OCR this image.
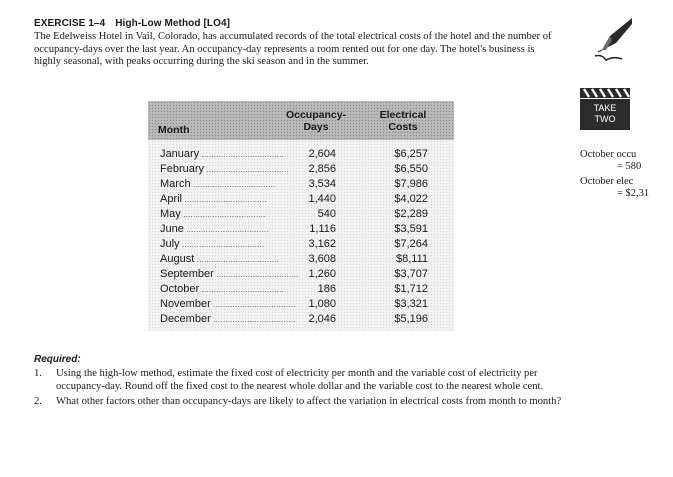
EXERCISE 1–4 High-Low Method [LO4]
The Edelweiss Hotel in Vail, Colorado, has accumulated records of the total electrical costs of the hotel and the number of occupancy-days over the last year. An occupancy-day represents a room rented out for one day. The hotel's business is highly seasonal, with peaks occurring during the ski season and in the summer.
Month
Occupancy-
Days
Electrical
Costs
January .................................. 2,604	$6,257
February .................................. 2,856	$6,550
March ..................................	3,534	$7,986
April ..................................	1,440	$4,022
May ..................................	540	$2,289
June ..................................	1,116	$3,591
July ..................................	3,162	$7,264
August ..................................	3,608	$8,111
September .................................. 1,260	$3,707
October ..................................	186	$1,712
November .................................. 1,080	$3,321
December .................................. 2,046	$5,196
TAKE
TWO
October occu
= 580
October elec
= $2,31
Required:
1. Using the high-low method, estimate the fixed cost of electricity per month and the variable cost of electricity per occupancy-day. Round off the fixed cost to the nearest whole dollar and the variable cost to the nearest whole cent.
2. What other factors other than occupancy-days are likely to affect the variation in electrical costs from month to month?
